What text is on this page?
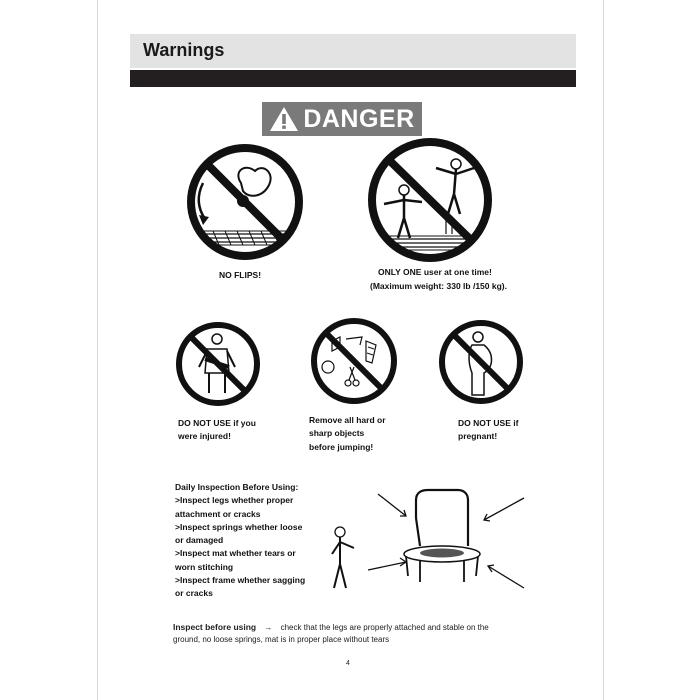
Warnings
DANGER
NO FLIPS!	ONLY ONE user at one time!
(Maximum weight: 330 lb /150 kg).
DO NOT USE if you
were injured!
Remove all hard or
sharp objects
before jumping!
DO NOT USE if
pregnant!
Daily Inspection Before Using:
>Inspect legs whether proper
attachment or cracks
>Inspect springs whether loose
or damaged
>Inspect mat whether tears or
worn stitching
>Inspect frame whether sagging
or cracks
Inspect before using → check that the legs are properly attached and stable on the
ground, no loose springs, mat is in proper place without tears
4
